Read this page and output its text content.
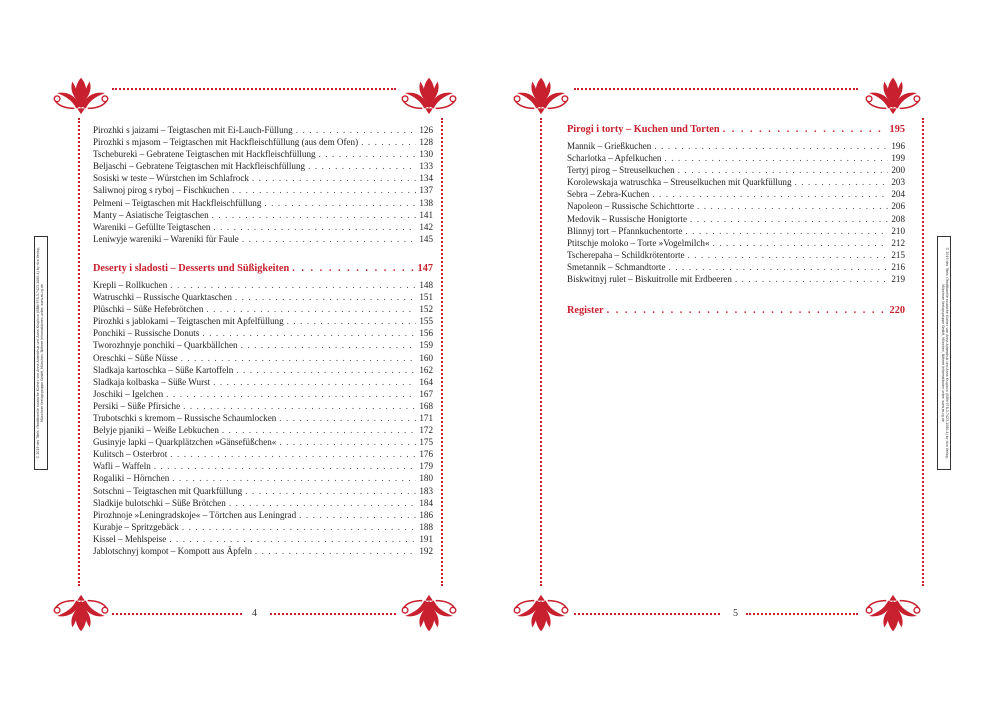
4
© 2019 des Titels »Traditionelle russische Küche« von Anna Adamchuk und Anna Kruglova (ISBN 978-3-7423-1080-4) by riva Verlag, Münchner Verlagsgruppe GmbH, München. Nähere Informationen unter: www.m-vg.de
Pirozhki s jaizami – Teigtaschen mit Ei-Lauch-Füllung . . .	126
Pirozhki s mjasom – Teigtaschen mit Hackfleischfüllung (aus dem Ofen) . . .	128
Tschebureki – Gebratene Teigtaschen mit Hackfleischfüllung . . .	130
Beljaschi – Gebratene Teigtaschen mit Hackfleischfüllung . . .	133
Sosiski w teste – Würstchen im Schlafrock . . .	134
Saliwnoj pirog s ryboj – Fischkuchen . . .	137
Pelmeni – Teigtaschen mit Hackfleischfüllung . . .	138
Manty – Asiatische Teigtaschen . . .	141
Wareniki – Gefüllte Teigtaschen . . .	142
Leniwyje wareniki – Wareniki für Faule . . .	145
Deserty i sladosti – Desserts und Süßigkeiten . . .	147
Krepli – Rollkuchen . . .	148
Watruschki – Russische Quarktaschen . . .	151
Plüschki – Süße Hefebrötchen . . .	152
Pirozhki s jablokami – Teigtaschen mit Apfelfüllung . . .	155
Ponchiki – Russische Donuts . . .	156
Tworozhnyje ponchiki – Quarkbällchen . . .	159
Oreschki – Süße Nüsse . . .	160
Sladkaja kartoschka – Süße Kartoffeln . . .	162
Sladkaja kolbaska – Süße Wurst . . .	164
Joschiki – Igelchen . . .	167
Persiki – Süße Pfirsiche . . .	168
Trubotschki s kremom – Russische Schaumlocken . . .	171
Belyje pjaniki – Weiße Lebkuchen . . .	172
Gusinyje lapki – Quarkplätzchen »Gänsefüßchen« . . .	175
Kulitsch – Osterbrot . . .	176
Wafli – Waffeln . . .	179
Rogaliki – Hörnchen . . .	180
Sotschni – Teigtaschen mit Quarkfüllung . . .	183
Sladkije bulotschki – Süße Brötchen . . .	184
Pirozhnoje »Leningradskoje« – Törtchen aus Leningrad . . .	186
Kurabje – Spritzgebäck . . .	188
Kissel – Mehlspeise . . .	191
Jablotschnyj kompot – Kompott aus Äpfeln . . .	192
5
© 2019 des Titels »Traditionelle russische Küche« von Anna Adamchuk und Anna Kruglova (ISBN 978-3-7423-1080-4) by riva Verlag, Münchner Verlagsgruppe GmbH, München. Nähere Informationen unter: www.m-vg.de
Pirogi i torty – Kuchen und Torten . . .	195
Mannik – Grießkuchen . . .	196
Scharlotka – Apfelkuchen . . .	199
Tertyj pirog – Streuselkuchen . . .	200
Korolewskaja watruschka – Streuselkuchen mit Quarkfüllung . . .	203
Sebra – Zebra-Kuchen . . .	204
Napoleon – Russische Schichttorte . . .	206
Medovik – Russische Honigtorte . . .	208
Blinnyj tort – Pfannkuchentorte . . .	210
Ptitschje moloko – Torte »Vogelmilch« . . .	212
Tscherepaha – Schildkrötentorte . . .	215
Smetannik – Schmandtorte . . .	216
Biskwitnyj rulet – Biskuitrolle mit Erdbeeren . . .	219
Register . . .	220
